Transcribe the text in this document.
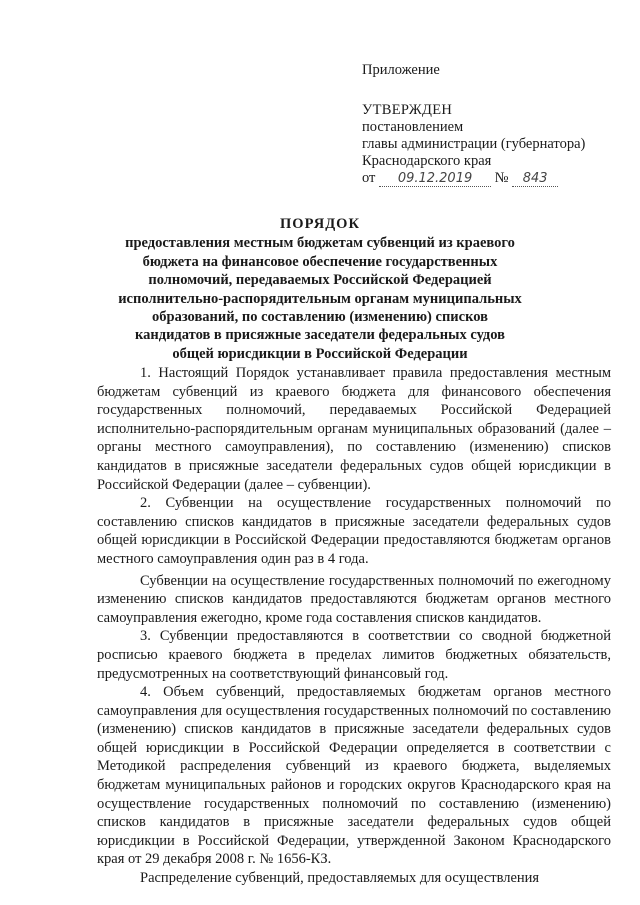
Приложение
УТВЕРЖДЕН
постановлением
главы администрации (губернатора)
Краснодарского края
от 09.12.2019 № 843
ПОРЯДОК
предоставления местным бюджетам субвенций из краевого
бюджета на финансовое обеспечение государственных
полномочий, передаваемых Российской Федерацией
исполнительно-распорядительным органам муниципальных
образований, по составлению (изменению) списков
кандидатов в присяжные заседатели федеральных судов
общей юрисдикции в Российской Федерации

1. Настоящий Порядок устанавливает правила предоставления местным бюджетам субвенций из краевого бюджета для финансового обеспечения государственных полномочий, передаваемых Российской Федерацией исполнительно-распорядительным органам муниципальных образований (далее – органы местного самоуправления), по составлению (изменению) списков кандидатов в присяжные заседатели федеральных судов общей юрисдикции в Российской Федерации (далее – субвенции).

2. Субвенции на осуществление государственных полномочий по составлению списков кандидатов в присяжные заседатели федеральных судов общей юрисдикции в Российской Федерации предоставляются бюджетам органов местного самоуправления один раз в 4 года.

Субвенции на осуществление государственных полномочий по ежегодному изменению списков кандидатов предоставляются бюджетам органов местного самоуправления ежегодно, кроме года составления списков кандидатов.

3. Субвенции предоставляются в соответствии со сводной бюджетной росписью краевого бюджета в пределах лимитов бюджетных обязательств, предусмотренных на соответствующий финансовый год.

4. Объем субвенций, предоставляемых бюджетам органов местного самоуправления для осуществления государственных полномочий по составлению (изменению) списков кандидатов в присяжные заседатели федеральных судов общей юрисдикции в Российской Федерации определяется в соответствии с Методикой распределения субвенций из краевого бюджета, выделяемых бюджетам муниципальных районов и городских округов Краснодарского края на осуществление государственных полномочий по составлению (изменению) списков кандидатов в присяжные заседатели федеральных судов общей юрисдикции в Российской Федерации, утвержденной Законом Краснодарского края от 29 декабря 2008 г. № 1656-КЗ.

Распределение субвенций, предоставляемых для осуществления
